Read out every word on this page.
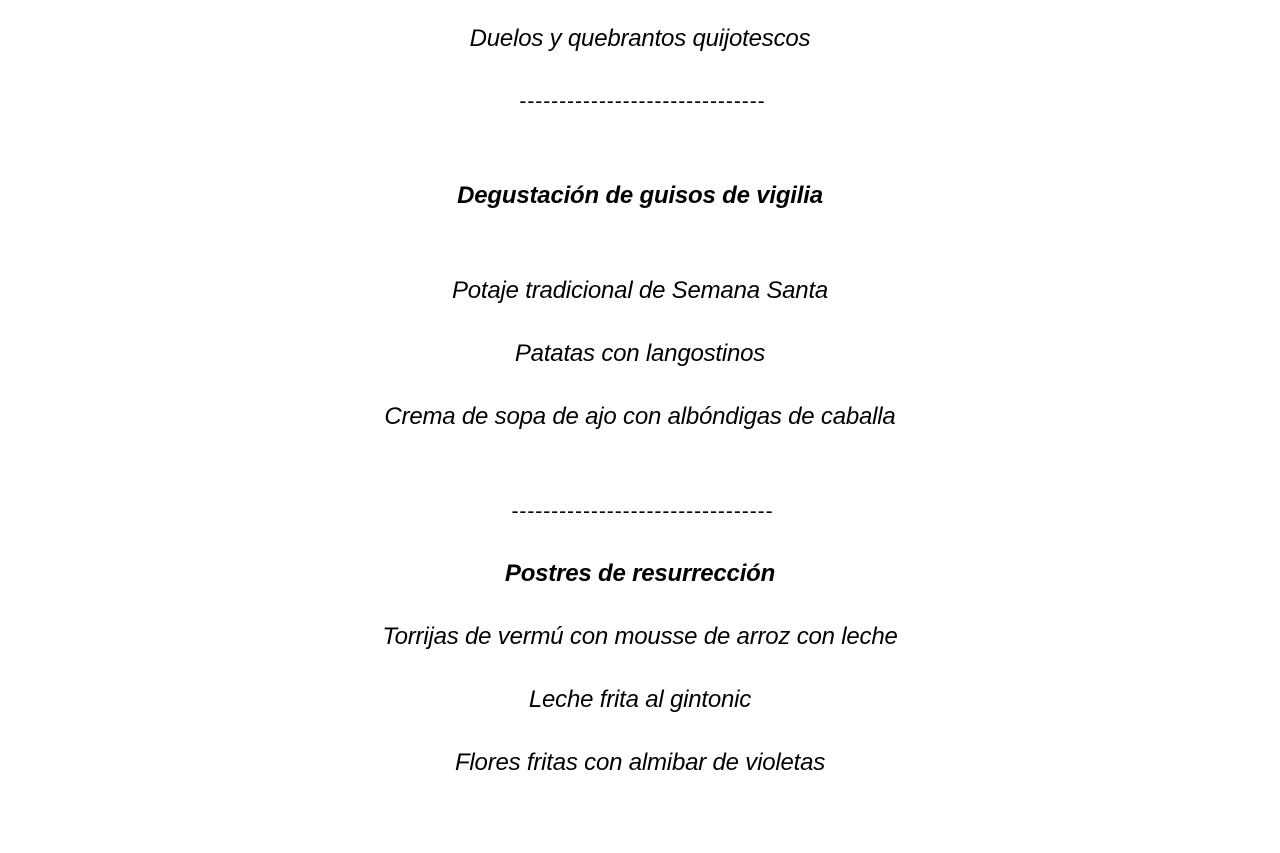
Duelos y quebrantos quijotescos
-------------------------------
Degustación de guisos de vigilia
Potaje tradicional de Semana Santa
Patatas con langostinos
Crema de sopa de ajo con albóndigas de caballa
---------------------------------
Postres de resurrección
Torrijas de vermú con mousse de arroz con leche
Leche frita al gintonic
Flores fritas con almibar de violetas
